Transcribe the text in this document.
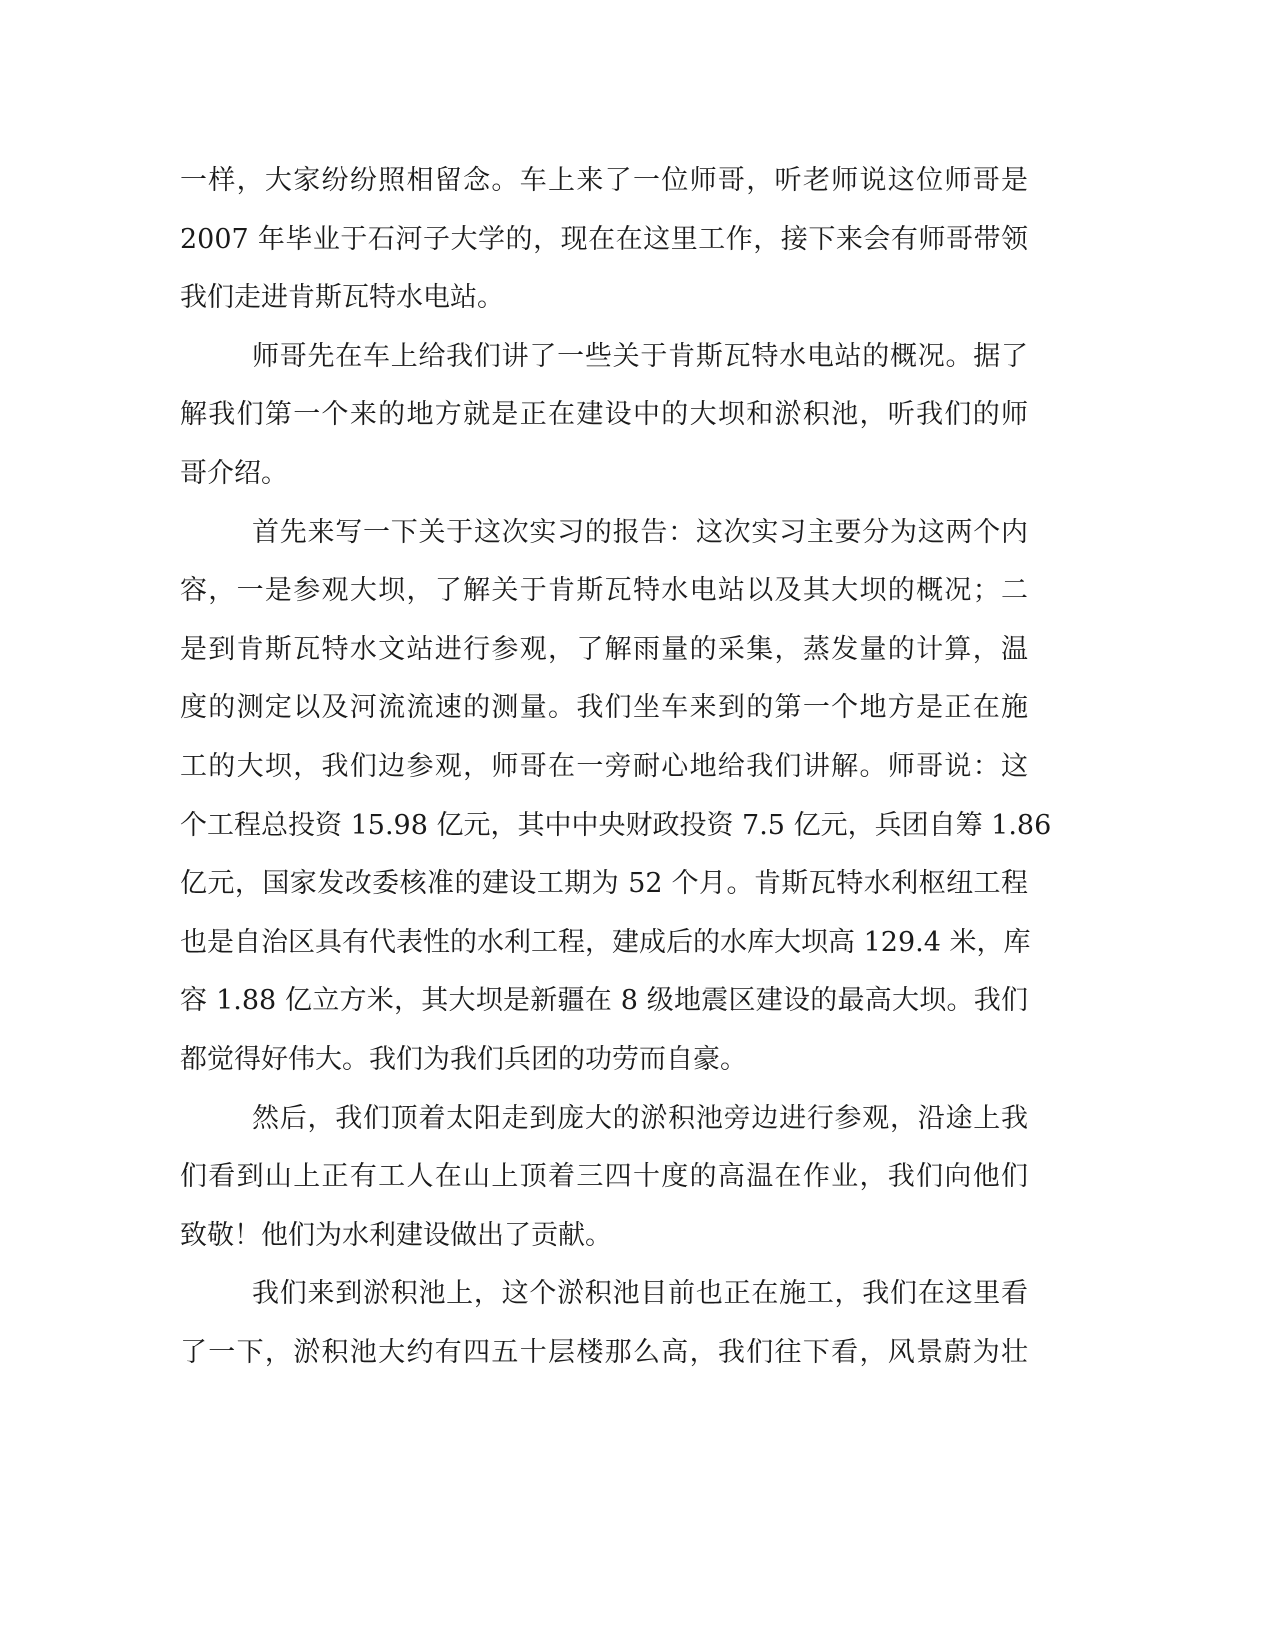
一样，大家纷纷照相留念。车上来了一位师哥，听老师说这位师哥是
2007 年毕业于石河子大学的，现在在这里工作，接下来会有师哥带领
我们走进肯斯瓦特水电站。
师哥先在车上给我们讲了一些关于肯斯瓦特水电站的概况。据了
解我们第一个来的地方就是正在建设中的大坝和淤积池，听我们的师
哥介绍。
首先来写一下关于这次实习的报告：这次实习主要分为这两个内
容，一是参观大坝，了解关于肯斯瓦特水电站以及其大坝的概况；二
是到肯斯瓦特水文站进行参观，了解雨量的采集，蒸发量的计算，温
度的测定以及河流流速的测量。我们坐车来到的第一个地方是正在施
工的大坝，我们边参观，师哥在一旁耐心地给我们讲解。师哥说：这
个工程总投资 15.98 亿元，其中中央财政投资 7.5 亿元，兵团自筹 1.86
亿元，国家发改委核准的建设工期为 52 个月。肯斯瓦特水利枢纽工程
也是自治区具有代表性的水利工程，建成后的水库大坝高 129.4 米，库
容 1.88 亿立方米，其大坝是新疆在 8 级地震区建设的最高大坝。我们
都觉得好伟大。我们为我们兵团的功劳而自豪。
然后，我们顶着太阳走到庞大的淤积池旁边进行参观，沿途上我
们看到山上正有工人在山上顶着三四十度的高温在作业，我们向他们
致敬！他们为水利建设做出了贡献。
我们来到淤积池上，这个淤积池目前也正在施工，我们在这里看
了一下，淤积池大约有四五十层楼那么高，我们往下看，风景蔚为壮
